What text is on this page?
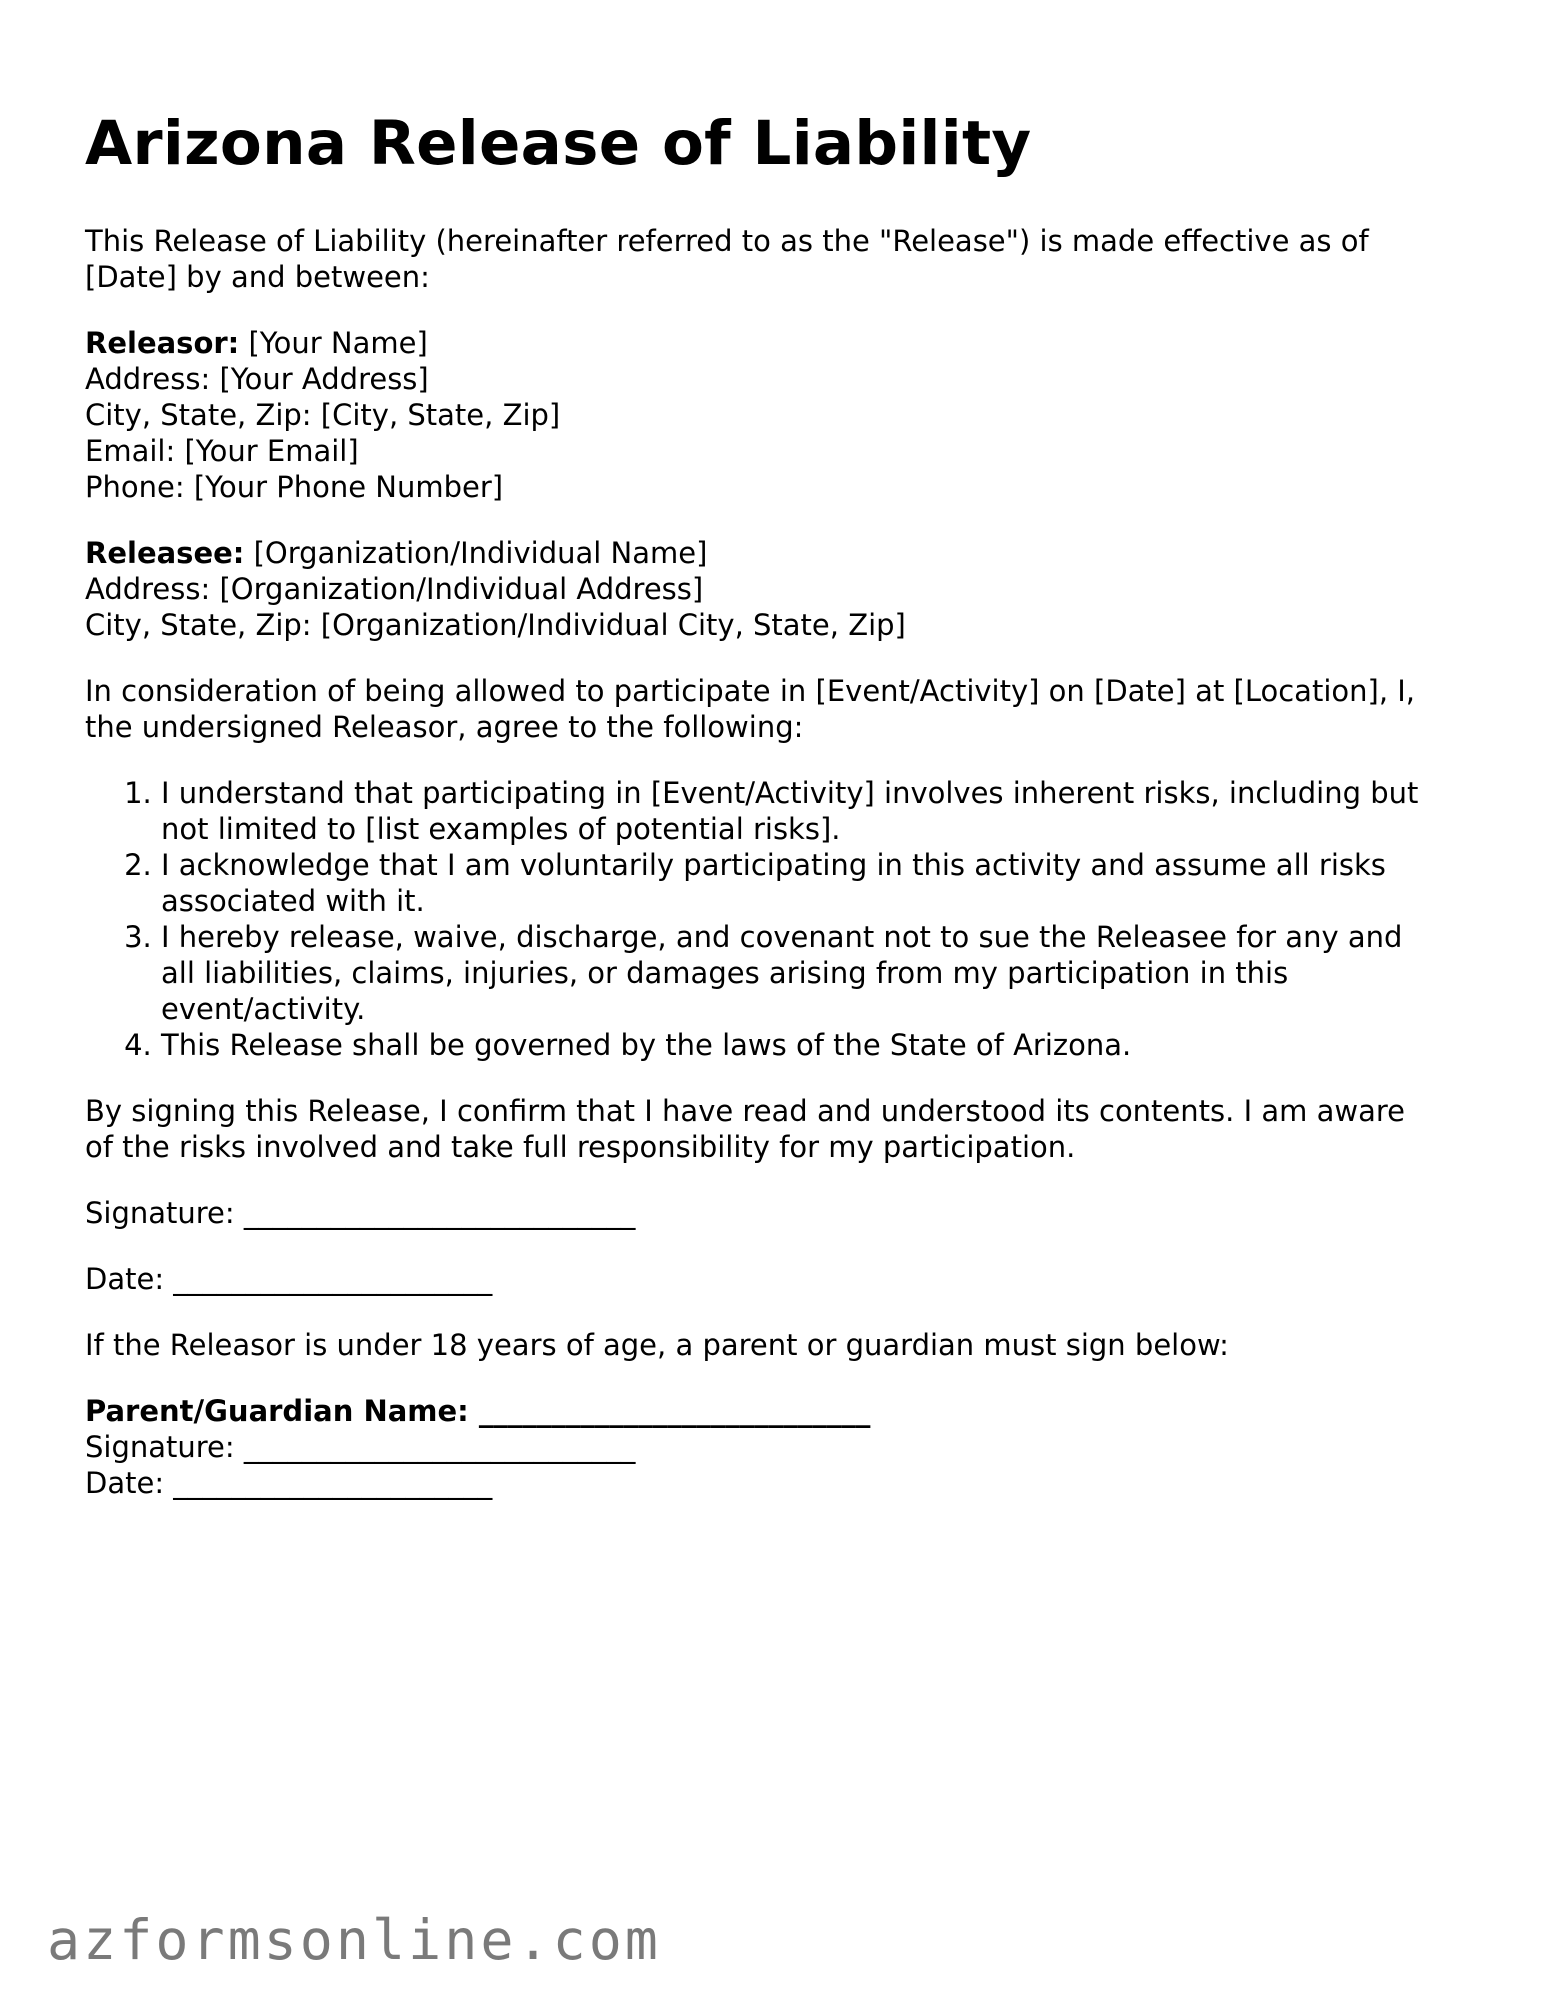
Arizona Release of Liability

This Release of Liability (hereinafter referred to as the "Release") is made effective as of
[Date] by and between:

Releasor: [Your Name]
Address: [Your Address]
City, State, Zip: [City, State, Zip]
Email: [Your Email]
Phone: [Your Phone Number]

Releasee: [Organization/Individual Name]
Address: [Organization/Individual Address]
City, State, Zip: [Organization/Individual City, State, Zip]

In consideration of being allowed to participate in [Event/Activity] on [Date] at [Location], I,
the undersigned Releasor, agree to the following:

1. I understand that participating in [Event/Activity] involves inherent risks, including but
not limited to [list examples of potential risks].
2. I acknowledge that I am voluntarily participating in this activity and assume all risks
associated with it.
3. I hereby release, waive, discharge, and covenant not to sue the Releasee for any and
all liabilities, claims, injuries, or damages arising from my participation in this
event/activity.
4. This Release shall be governed by the laws of the State of Arizona.

By signing this Release, I confirm that I have read and understood its contents. I am aware
of the risks involved and take full responsibility for my participation.

Signature: ___________________________

Date: ______________________

If the Releasor is under 18 years of age, a parent or guardian must sign below:

Parent/Guardian Name: ___________________________
Signature: ___________________________
Date: ______________________

azformsonline.com
